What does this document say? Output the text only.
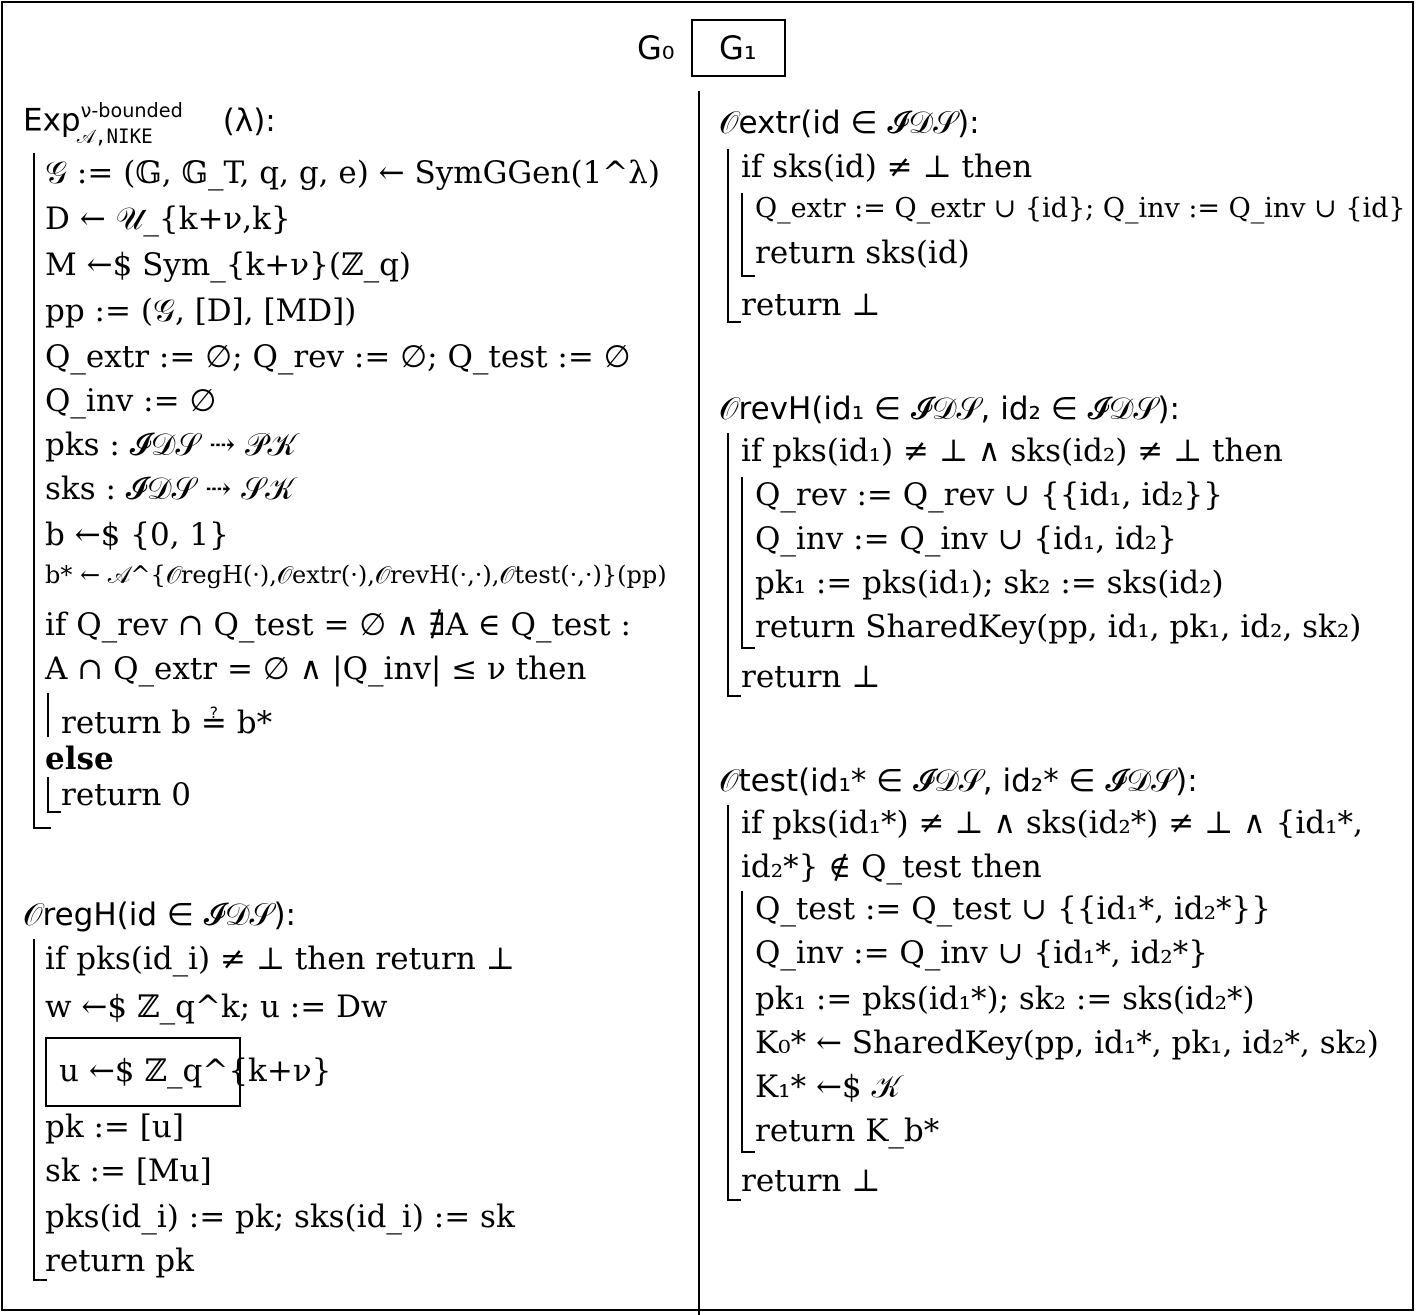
G₀ G₁
Exp$^{\nu-bounded}_{𝒜,NIKE}$ (λ):
𝒢 := (𝔾, 𝔾_T, q, g, e) ← SymGGen(1^λ)
D ← 𝒰_{k+ν,k}
M ←$ Sym_{k+ν}(ℤ_q)
pp := (𝒢, [D], [MD])
Q_extr := ∅; Q_rev := ∅; Q_test := ∅
Q_inv := ∅
pks : 𝓘𝒟𝒮 ⇢ 𝒫𝒦
sks : 𝓘𝒟𝒮 ⇢ 𝒮𝒦
b ←$ {0, 1}
b* ← 𝒜^{𝒪regH(·),𝒪extr(·),𝒪revH(·,·),𝒪test(·,·)}(pp)
if Q_rev ∩ Q_test = ∅ ∧ ∄A ∈ Q_test :
A ∩ Q_extr = ∅ ∧ |Q_inv| ≤ ν then
return b ≟ b*
else
return 0
𝒪regH(id ∈ 𝓘𝒟𝒮):
if pks(id_i) ≠ ⊥ then return ⊥
w ←$ ℤ_q^k; u := Dw
u ←$ ℤ_q^{k+ν}
pk := [u]
sk := [Mu]
pks(id_i) := pk; sks(id_i) := sk
return pk
𝒪extr(id ∈ 𝓘𝒟𝒮):
if sks(id) ≠ ⊥ then
Q_extr := Q_extr ∪ {id}; Q_inv := Q_inv ∪ {id}
return sks(id)
return ⊥
𝒪revH(id₁ ∈ 𝓘𝒟𝒮, id₂ ∈ 𝓘𝒟𝒮):
if pks(id₁) ≠ ⊥ ∧ sks(id₂) ≠ ⊥ then
Q_rev := Q_rev ∪ {{id₁, id₂}}
Q_inv := Q_inv ∪ {id₁, id₂}
pk₁ := pks(id₁); sk₂ := sks(id₂)
return SharedKey(pp, id₁, pk₁, id₂, sk₂)
return ⊥
𝒪test(id₁* ∈ 𝓘𝒟𝒮, id₂* ∈ 𝓘𝒟𝒮):
if pks(id₁*) ≠ ⊥ ∧ sks(id₂*) ≠ ⊥ ∧ {id₁*,
id₂*} ∉ Q_test then
Q_test := Q_test ∪ {{id₁*, id₂*}}
Q_inv := Q_inv ∪ {id₁*, id₂*}
pk₁ := pks(id₁*); sk₂ := sks(id₂*)
K₀* ← SharedKey(pp, id₁*, pk₁, id₂*, sk₂)
K₁* ←$ 𝒦
return K_b*
return ⊥
